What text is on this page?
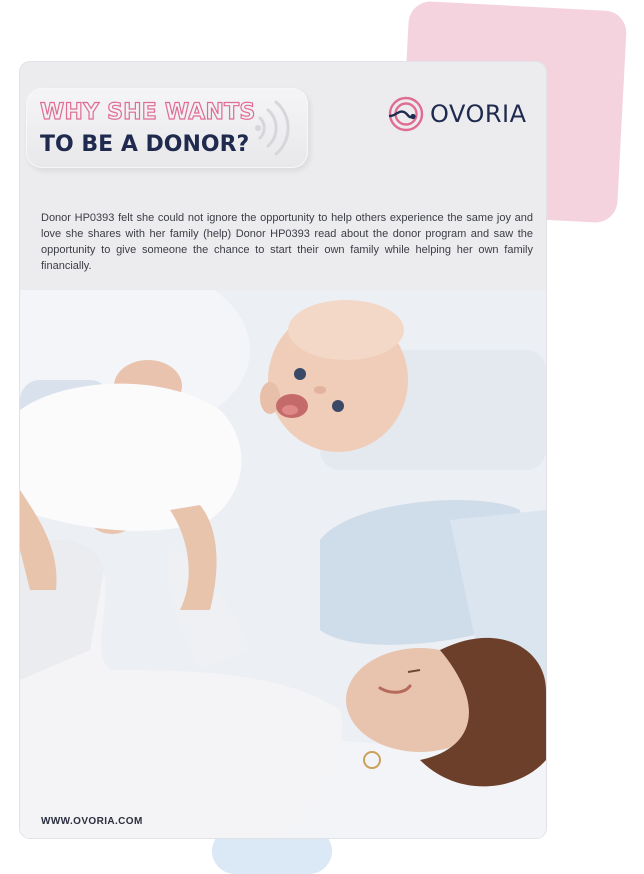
WHY SHE WANTS
TO BE A DONOR?
OVORIA
Donor HP0393 felt she could not ignore the opportunity to help others experience the same joy and love she shares with her family (help) Donor HP0393 read about the donor program and saw the opportunity to give someone the chance to start their own family while helping her own family financially.
WWW.OVORIA.COM
